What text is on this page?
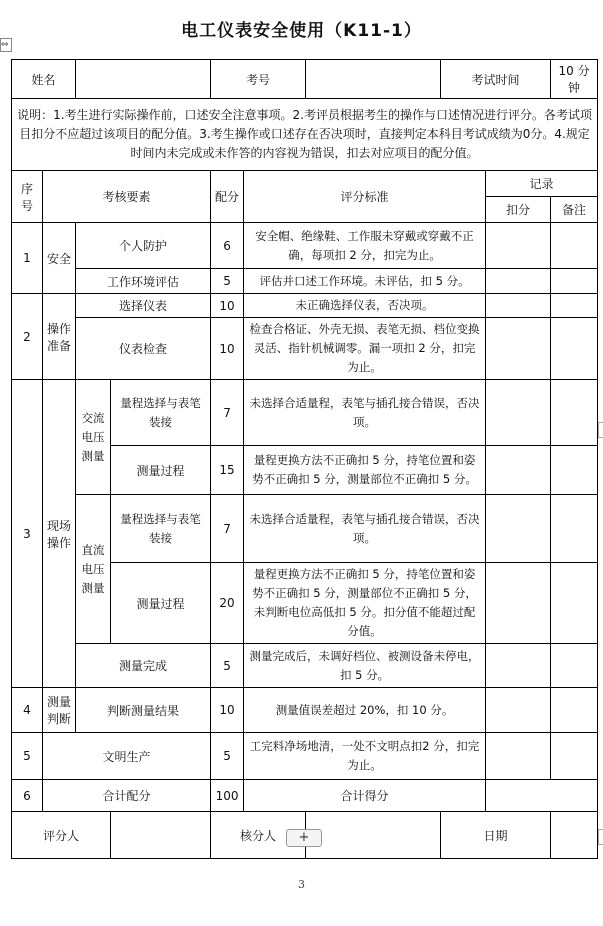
电工仪表安全使用（K11-1）
⇔
姓名				考号			考试时间		10 分钟
说明：1.考生进行实际操作前，口述安全注意事项。2.考评员根据考生的操作与口述情况进行评分。各考试项目扣分不应超过该项目的配分值。3.考生操作或口述存在否决项时，直接判定本科目考试成绩为0分。4.规定时间内未完成或未作答的内容视为错误，扣去对应项目的配分值。									
序号	考核要素			配分	评分标准			记录	
								扣分	备注
1	安全	个人防护		6	安全帽、绝缘鞋、工作服未穿戴或穿戴不正确，每项扣 2 分，扣完为止。				
		工作环境评估		5	评估并口述工作环境。未评估，扣 5 分。				
2	操作准备	选择仪表		10	未正确选择仪表，否决项。				
		仪表检查		10	检查合格证、外壳无损、表笔无损、档位变换灵活、指针机械调零。漏一项扣 2 分，扣完为止。				
3	现场操作	交流电压测量	量程选择与表笔装接	7	未选择合适量程，表笔与插孔接合错误，否决项。				
			测量过程	15	量程更换方法不正确扣 5 分，持笔位置和姿势不正确扣 5 分，测量部位不正确扣 5 分。				
		直流电压测量	量程选择与表笔装接	7	未选择合适量程，表笔与插孔接合错误，否决项。				
			测量过程	20	量程更换方法不正确扣 5 分，持笔位置和姿势不正确扣 5 分，测量部位不正确扣 5 分，未判断电位高低扣 5 分。扣分值不能超过配分值。				
		测量完成		5	测量完成后，未调好档位、被测设备未停电，扣 5 分。				
4	测量判断	判断测量结果		10	测量值误差超过 20%，扣 10 分。				
5	文明生产			5	工完料净场地清，一处不文明点扣2 分，扣完为止。				
6	合计配分			100	合计得分				
评分人				核分人			日期		
+
3
